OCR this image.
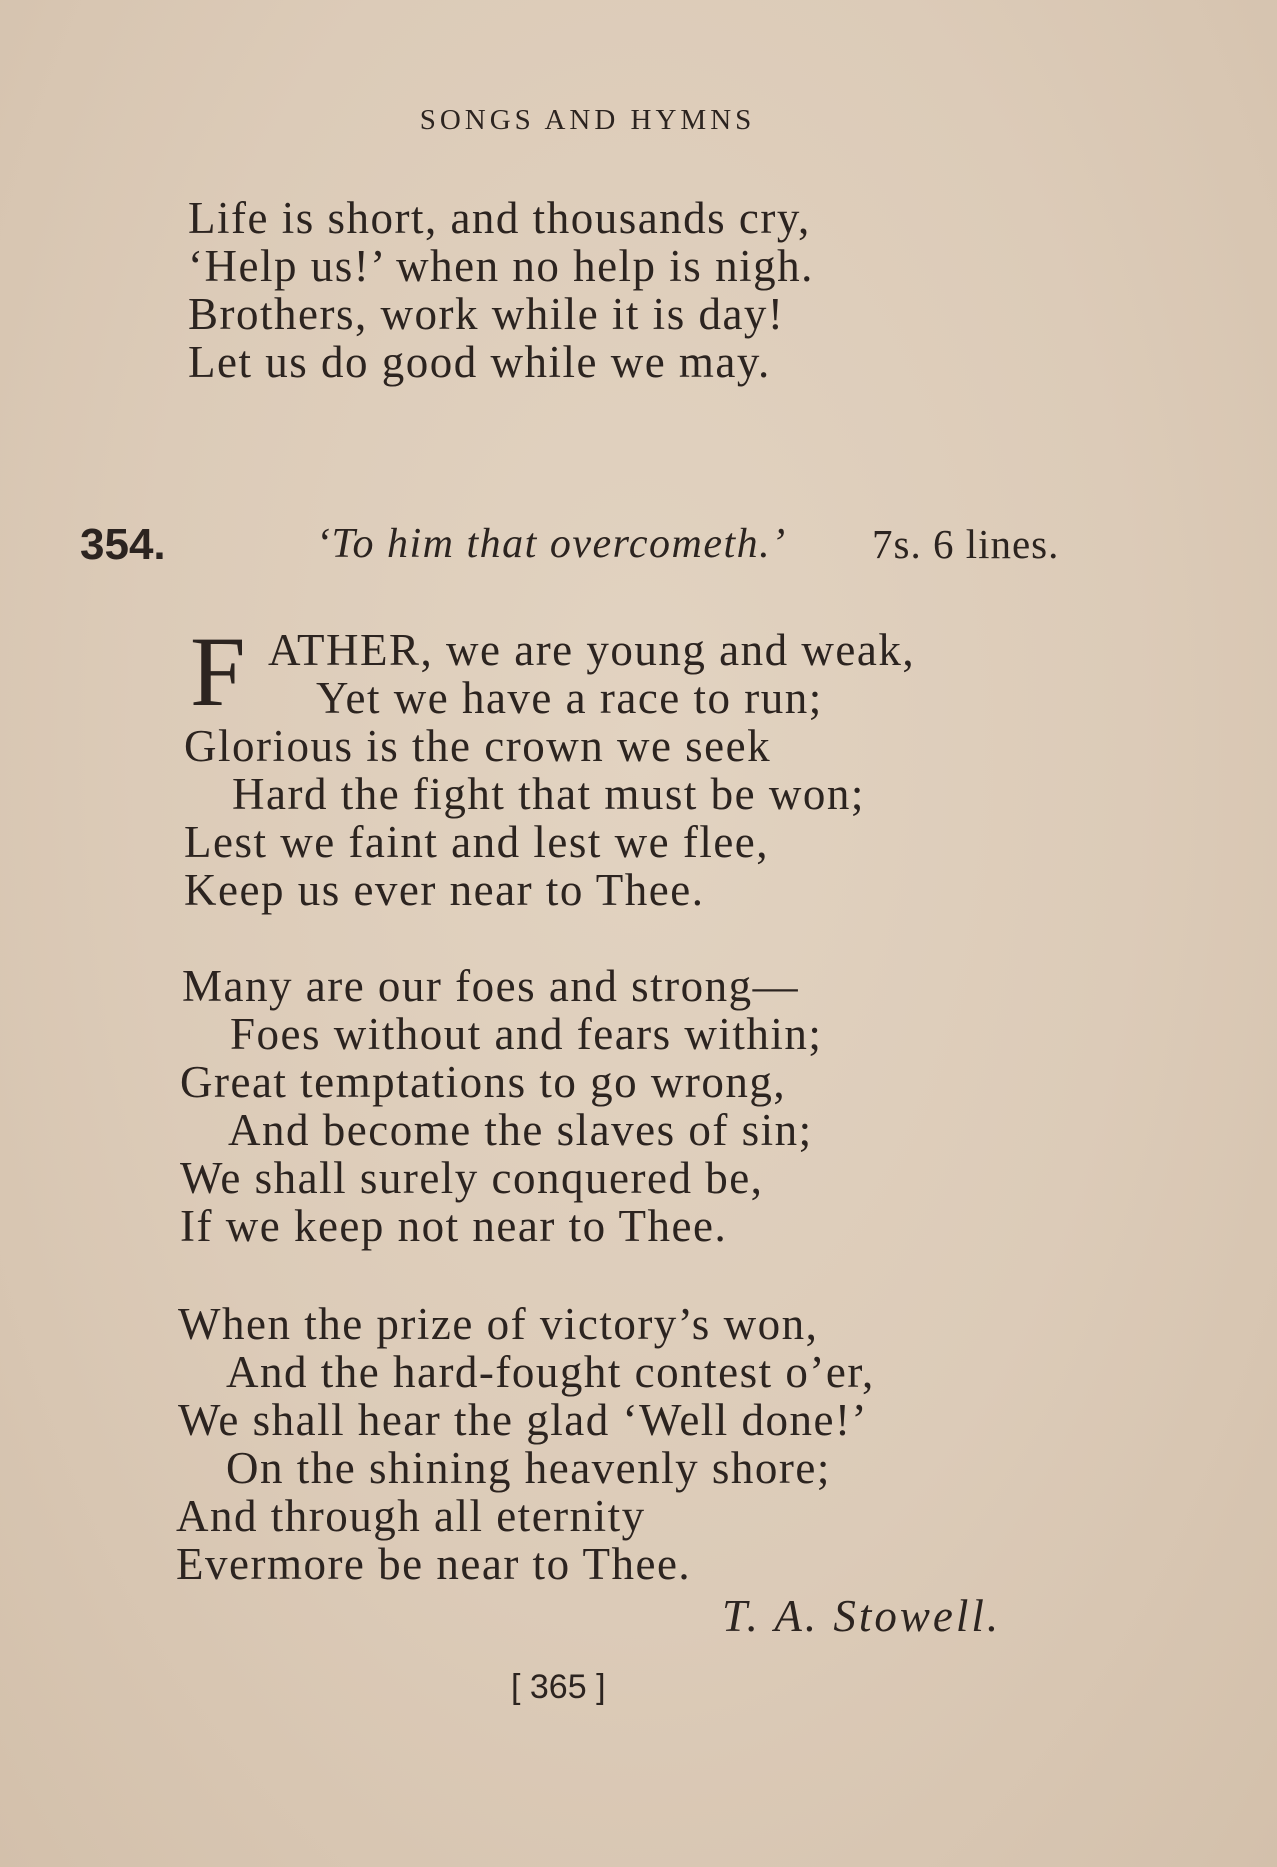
SONGS AND HYMNS
Life is short, and thousands cry,
‘Help us!’ when no help is nigh.
Brothers, work while it is day!
Let us do good while we may.
354.	‘To him that overcometh.’ 7s. 6 lines.
F ATHER, we are young and weak,
Yet we have a race to run;
Glorious is the crown we seek
Hard the fight that must be won;
Lest we faint and lest we flee,
Keep us ever near to Thee.
Many are our foes and strong—
Foes without and fears within;
Great temptations to go wrong,
And become the slaves of sin;
We shall surely conquered be,
If we keep not near to Thee.
When the prize of victory’s won,
And the hard-fought contest o’er,
We shall hear the glad ‘Well done!’
On the shining heavenly shore;
And through all eternity
Evermore be near to Thee.
T. A. Stowell.
[ 365 ]
